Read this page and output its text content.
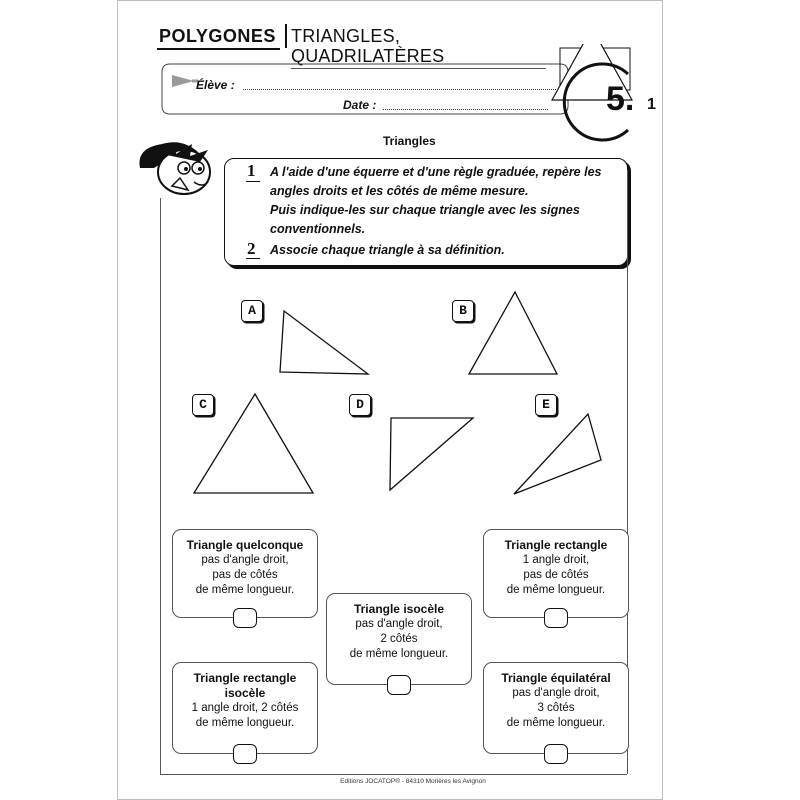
POLYGONES TRIANGLES, QUADRILATÈRES
Élève :
Date :	5. 1
Triangles
1 A l'aide d'une équerre et d'une règle graduée, repère les
angles droits et les côtés de même mesure.
Puis indique-les sur chaque triangle avec les signes
conventionnels.
2 Associe chaque triangle à sa définition.
A	B
C	D	E
Triangle quelconque
pas d'angle droit,
pas de côtés
de même longueur.
Triangle rectangle
1 angle droit,
pas de côtés
de même longueur.
Triangle isocèle
pas d'angle droit,
2 côtés
de même longueur.
Triangle rectangle
isocèle
1 angle droit, 2 côtés
de même longueur.
Triangle équilatéral
pas d'angle droit,
3 côtés
de même longueur.
Editions JOCATOP® - 84310 Morières les Avignon
